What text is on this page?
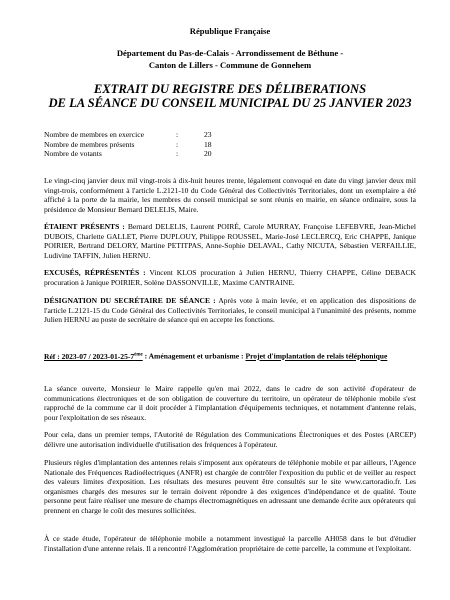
République Française
Département du Pas-de-Calais - Arrondissement de Béthune -
Canton de Lillers - Commune de Gonnehem
EXTRAIT DU REGISTRE DES DÉLIBERATIONS
DE LA SÉANCE DU CONSEIL MUNICIPAL DU 25 JANVIER 2023
Nombre de membres en exercice	:	23
Nombre de membres présents	:	18
Nombre de votants	:	20

Le vingt-cinq janvier deux mil vingt-trois à dix-huit heures trente, légalement convoqué en date du vingt janvier deux mil vingt-trois, conformément à l'article L.2121-10 du Code Général des Collectivités Territoriales, dont un exemplaire a été affiché à la porte de la mairie, les membres du conseil municipal se sont réunis en mairie, en séance ordinaire, sous la présidence de Monsieur Bernard DELELIS, Maire.

ÉTAIENT PRÉSENTS : Bernard DELELIS, Laurent POIRÉ, Carole MURRAY, Françoise LEFEBVRE, Jean-Michel DUBOIS, Charlette GALLET, Pierre DUPLOUY, Philippe ROUSSEL, Marie-José LECLERCQ, Eric CHAPPE, Janique POIRIER, Bertrand DELORY, Martine PETITPAS, Anne-Sophie DELAVAL, Cathy NICUTA, Sébastien VERFAILLIE, Ludivine TAFFIN, Julien HERNU.

EXCUSÉS, RÉPRÉSENTÉS : Vincent KLOS procuration à Julien HERNU, Thierry CHAPPE, Céline DEBACK procuration à Janique POIRIER, Solène DASSONVILLE, Maxime CANTRAINE.

DÉSIGNATION DU SECRÉTAIRE DE SÉANCE : Après vote à main levée, et en application des dispositions de l'article L.2121-15 du Code Général des Collectivités Territoriales, le conseil municipal à l'unanimité des présents, nomme Julien HERNU au poste de secrétaire de séance qui en accepte les fonctions.

Réf : 2023-07 / 2023-01-25-7ème : Aménagement et urbanisme : Projet d'implantation de relais téléphonique

La séance ouverte, Monsieur le Maire rappelle qu'en mai 2022, dans le cadre de son activité d'opérateur de communications électroniques et de son obligation de couverture du territoire, un opérateur de téléphonie mobile s'est rapproché de la commune car il doit procéder à l'implantation d'équipements techniques, et notamment d'antenne relais, pour l'exploitation de ses réseaux.

Pour cela, dans un premier temps, l'Autorité de Régulation des Communications Électroniques et des Postes (ARCEP) délivre une autorisation individuelle d'utilisation des fréquences à l'opérateur.

Plusieurs règles d'implantation des antennes relais s'imposent aux opérateurs de téléphonie mobile et par ailleurs, l'Agence Nationale des Fréquences Radioélectriques (ANFR) est chargée de contrôler l'exposition du public et de veiller au respect des valeurs limites d'exposition. Les résultats des mesures peuvent être consultés sur le site www.cartoradio.fr. Les organismes chargés des mesures sur le terrain doivent répondre à des exigences d'indépendance et de qualité. Toute personne peut faire réaliser une mesure de champs électromagnétiques en adressant une demande écrite aux opérateurs qui prennent en charge le coût des mesures sollicitées.

À ce stade étude, l'opérateur de téléphonie mobile a notamment investigué la parcelle AH058 dans le but d'étudier l'installation d'une antenne relais. Il a rencontré l'Agglomération propriétaire de cette parcelle, la commune et l'exploitant.
